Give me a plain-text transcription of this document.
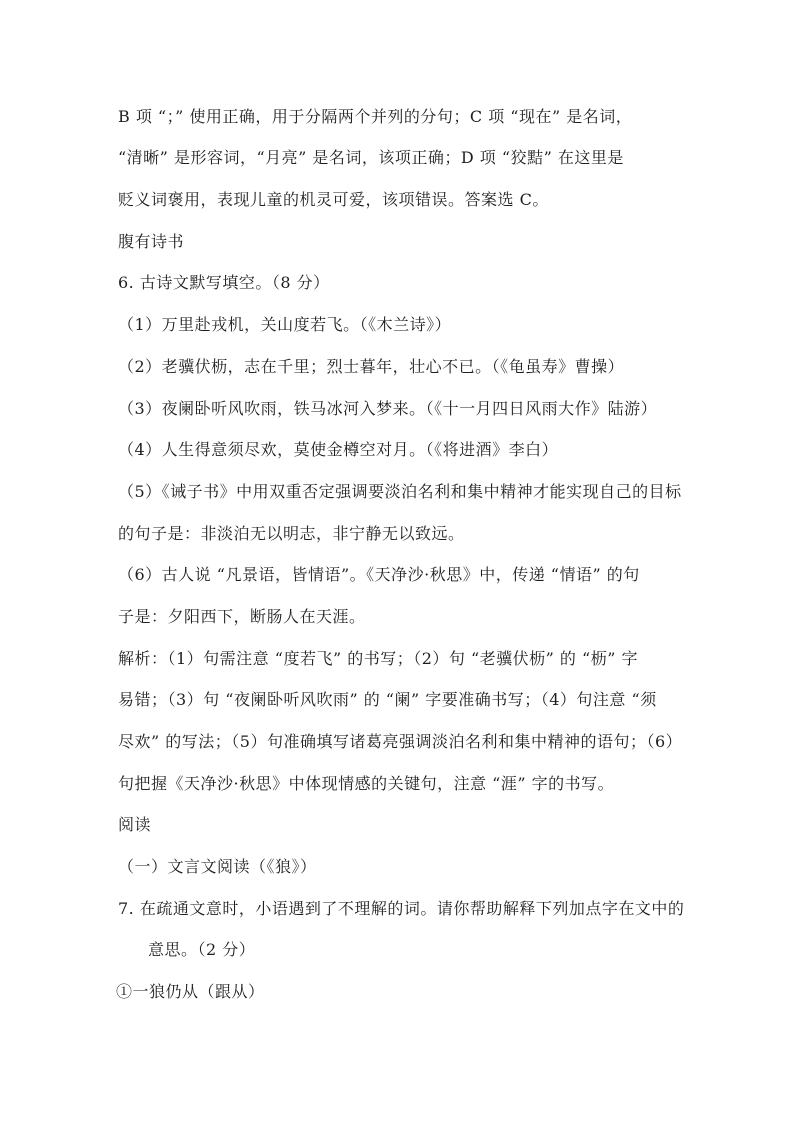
B 项 “；” 使用正确，用于分隔两个并列的分句；C 项 “现在” 是名词，
“清晰” 是形容词，“月亮” 是名词，该项正确；D 项 “狡黠” 在这里是
贬义词褒用，表现儿童的机灵可爱，该项错误。答案选 C。
腹有诗书
6. 古诗文默写填空。（8 分）
（1）万里赴戎机，关山度若飞。（《木兰诗》）
（2）老骥伏枥，志在千里；烈士暮年，壮心不已。（《龟虽寿》曹操）
（3）夜阑卧听风吹雨，铁马冰河入梦来。（《十一月四日风雨大作》陆游）
（4）人生得意须尽欢，莫使金樽空对月。（《将进酒》李白）
（5）《诫子书》中用双重否定强调要淡泊名利和集中精神才能实现自己的目标
的句子是：非淡泊无以明志，非宁静无以致远。
（6）古人说 “凡景语，皆情语”。《天净沙·秋思》中，传递 “情语” 的句
子是：夕阳西下，断肠人在天涯。
解析：（1）句需注意 “度若飞” 的书写；（2）句 “老骥伏枥” 的 “枥” 字
易错；（3）句 “夜阑卧听风吹雨” 的 “阑” 字要准确书写；（4）句注意 “须
尽欢” 的写法；（5）句准确填写诸葛亮强调淡泊名利和集中精神的语句；（6）
句把握《天净沙·秋思》中体现情感的关键句，注意 “涯” 字的书写。
阅读
（一）文言文阅读（《狼》）
7. 在疏通文意时，小语遇到了不理解的词。请你帮助解释下列加点字在文中的
意思。（2 分）
①一狼仍从（跟从）
